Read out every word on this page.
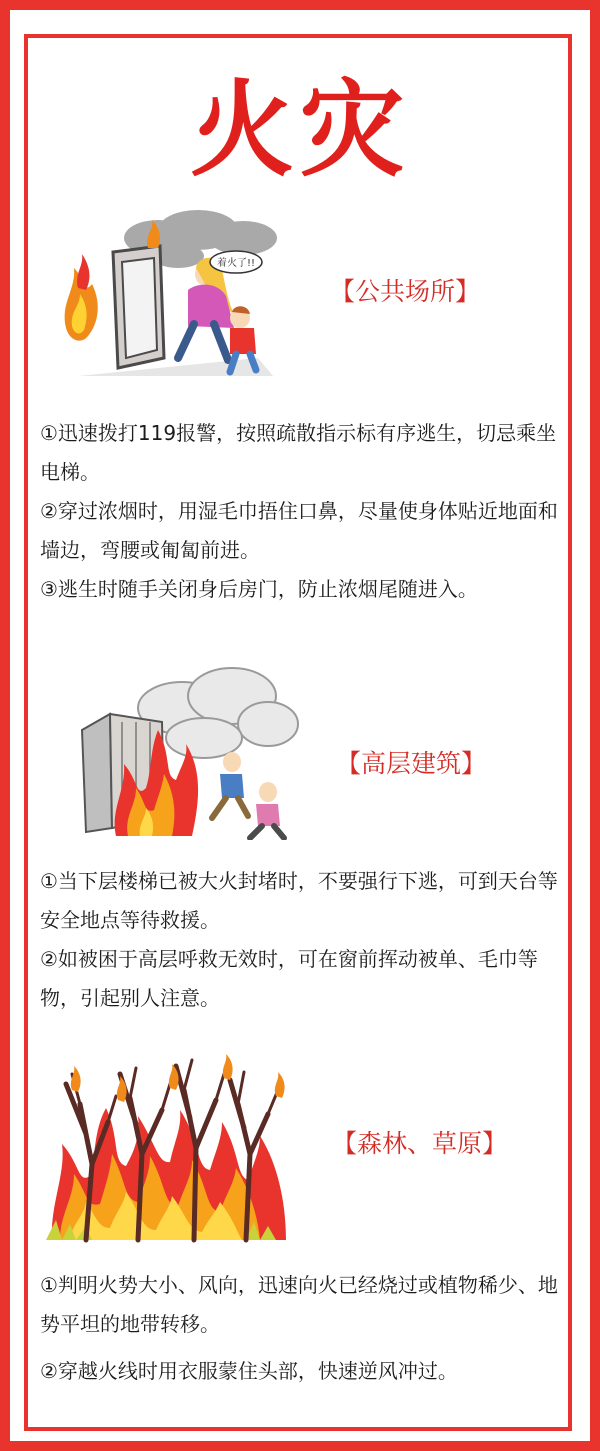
火灾
着火了!!
【公共场所】

①迅速拨打119报警，按照疏散指示标有序逃生，切忌乘坐电梯。

②穿过浓烟时，用湿毛巾捂住口鼻，尽量使身体贴近地面和墙边，弯腰或匍匐前进。

③逃生时随手关闭身后房门，防止浓烟尾随进入。

【高层建筑】

①当下层楼梯已被大火封堵时，不要强行下逃，可到天台等安全地点等待救援。

②如被困于高层呼救无效时，可在窗前挥动被单、毛巾等物，引起别人注意。

【森林、草原】

①判明火势大小、风向，迅速向火已经烧过或植物稀少、地势平坦的地带转移。

②穿越火线时用衣服蒙住头部，快速逆风冲过。
